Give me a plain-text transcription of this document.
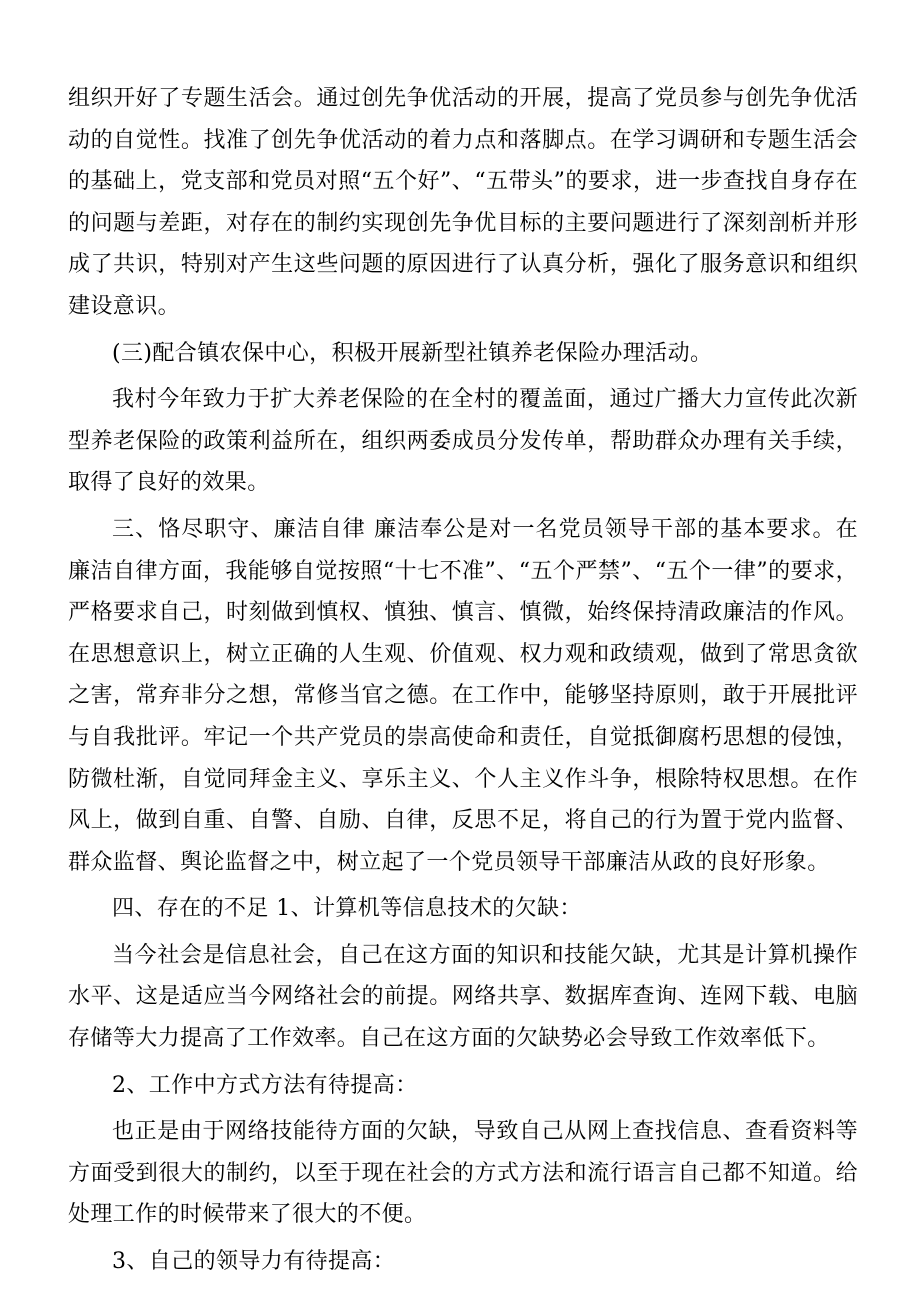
组织开好了专题生活会。通过创先争优活动的开展，提高了党员参与创先争优活动的自觉性。找准了创先争优活动的着力点和落脚点。在学习调研和专题生活会的基础上，党支部和党员对照“五个好”、“五带头”的要求，进一步查找自身存在的问题与差距，对存在的制约实现创先争优目标的主要问题进行了深刻剖析并形成了共识，特别对产生这些问题的原因进行了认真分析，强化了服务意识和组织建设意识。

(三)配合镇农保中心，积极开展新型社镇养老保险办理活动。

我村今年致力于扩大养老保险的在全村的覆盖面，通过广播大力宣传此次新型养老保险的政策利益所在，组织两委成员分发传单，帮助群众办理有关手续，取得了良好的效果。

三、恪尽职守、廉洁自律 廉洁奉公是对一名党员领导干部的基本要求。在廉洁自律方面，我能够自觉按照“十七不准”、“五个严禁”、“五个一律”的要求，严格要求自己，时刻做到慎权、慎独、慎言、慎微，始终保持清政廉洁的作风。在思想意识上，树立正确的人生观、价值观、权力观和政绩观，做到了常思贪欲之害，常弃非分之想，常修当官之德。在工作中，能够坚持原则，敢于开展批评与自我批评。牢记一个共产党员的崇高使命和责任，自觉抵御腐朽思想的侵蚀，防微杜渐，自觉同拜金主义、享乐主义、个人主义作斗争，根除特权思想。在作风上，做到自重、自警、自励、自律，反思不足，将自己的行为置于党内监督、群众监督、舆论监督之中，树立起了一个党员领导干部廉洁从政的良好形象。

四、存在的不足 1、计算机等信息技术的欠缺：

当今社会是信息社会，自己在这方面的知识和技能欠缺，尤其是计算机操作水平、这是适应当今网络社会的前提。网络共享、数据库查询、连网下载、电脑存储等大力提高了工作效率。自己在这方面的欠缺势必会导致工作效率低下。

2、工作中方式方法有待提高：

也正是由于网络技能待方面的欠缺，导致自己从网上查找信息、查看资料等方面受到很大的制约，以至于现在社会的方式方法和流行语言自己都不知道。给处理工作的时候带来了很大的不便。

3、自己的领导力有待提高：
